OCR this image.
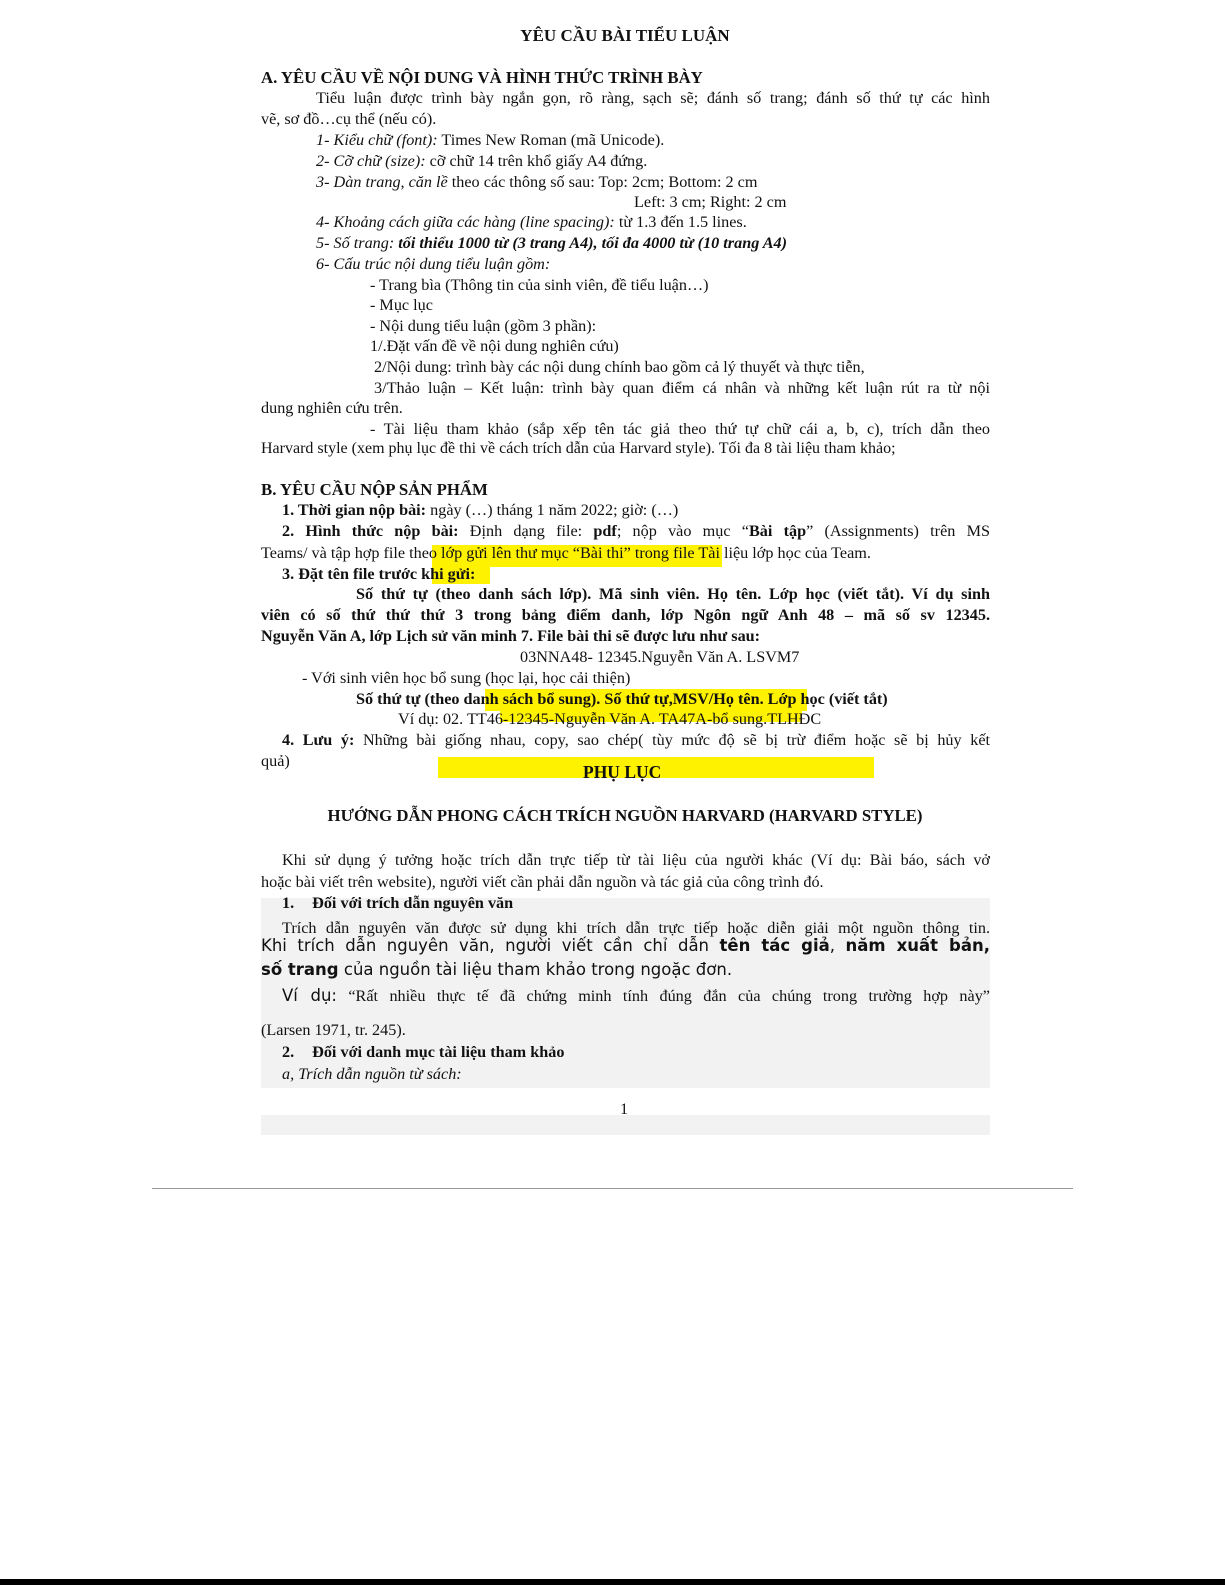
YÊU CẦU BÀI TIỂU LUẬN
A. YÊU CẦU VỀ NỘI DUNG VÀ HÌNH THỨC TRÌNH BÀY
Tiểu luận được trình bày ngắn gọn, rõ ràng, sạch sẽ; đánh số trang; đánh số thứ tự các hình
vẽ, sơ đồ…cụ thể (nếu có).
1- Kiểu chữ (font): Times New Roman (mã Unicode).
2- Cỡ chữ (size): cỡ chữ 14 trên khổ giấy A4 đứng.
3- Dàn trang, căn lề theo các thông số sau: Top: 2cm; Bottom: 2 cm
Left: 3 cm; Right: 2 cm
4- Khoảng cách giữa các hàng (line spacing): từ 1.3 đến 1.5 lines.
5- Số trang: tối thiểu 1000 từ (3 trang A4), tối đa 4000 từ (10 trang A4)
6- Cấu trúc nội dung tiểu luận gồm:
- Trang bìa (Thông tin của sinh viên, đề tiểu luận…)
- Mục lục
- Nội dung tiểu luận (gồm 3 phần):
1/.Đặt vấn đề về nội dung nghiên cứu)
2/Nội dung: trình bày các nội dung chính bao gồm cả lý thuyết và thực tiễn,
3/Thảo luận – Kết luận: trình bày quan điểm cá nhân và những kết luận rút ra từ nội
dung nghiên cứu trên.
- Tài liệu tham khảo (sắp xếp tên tác giả theo thứ tự chữ cái a, b, c), trích dẫn theo
Harvard style (xem phụ lục đề thi về cách trích dẫn của Harvard style). Tối đa 8 tài liệu tham khảo;
B. YÊU CẦU NỘP SẢN PHẨM
1. Thời gian nộp bài: ngày (…) tháng 1 năm 2022; giờ: (…)
2. Hình thức nộp bài: Định dạng file: pdf; nộp vào mục “Bài tập” (Assignments) trên MS
Teams/ và tập hợp file theo lớp gửi lên thư mục “Bài thi” trong file Tài liệu lớp học của Team.
3. Đặt tên file trước khi gửi:
Số thứ tự (theo danh sách lớp). Mã sinh viên. Họ tên. Lớp học (viết tắt). Ví dụ sinh
viên có số thứ thứ thứ 3 trong bảng điểm danh, lớp Ngôn ngữ Anh 48 – mã số sv 12345.
Nguyễn Văn A, lớp Lịch sử văn minh 7. File bài thi sẽ được lưu như sau:
03NNA48- 12345.Nguyễn Văn A. LSVM7
- Với sinh viên học bổ sung (học lại, học cải thiện)
Số thứ tự (theo danh sách bổ sung). Số thứ tự,MSV/Họ tên. Lớp học (viết tắt)
Ví dụ: 02. TT46-12345-Nguyễn Văn A. TA47A-bổ sung.TLHĐC
4. Lưu ý: Những bài giống nhau, copy, sao chép( tùy mức độ sẽ bị trừ điểm hoặc sẽ bị hủy kết
quả)
PHỤ LỤC
HƯỚNG DẪN PHONG CÁCH TRÍCH NGUỒN HARVARD (HARVARD STYLE)
Khi sử dụng ý tưởng hoặc trích dẫn trực tiếp từ tài liệu của người khác (Ví dụ: Bài báo, sách vở
hoặc bài viết trên website), người viết cần phải dẫn nguồn và tác giả của công trình đó.
1. Đối với trích dẫn nguyên văn
Trích dẫn nguyên văn được sử dụng khi trích dẫn trực tiếp hoặc diễn giải một nguồn thông tin.
Khi trích dẫn nguyên văn, người viết cần chỉ dẫn tên tác giả, năm xuất bản,
số trang của nguồn tài liệu tham khảo trong ngoặc đơn.
Ví dụ: “Rất nhiều thực tế đã chứng minh tính đúng đắn của chúng trong trường hợp này”
(Larsen 1971, tr. 245).
2. Đối với danh mục tài liệu tham khảo
a, Trích dẫn nguồn từ sách:
1
